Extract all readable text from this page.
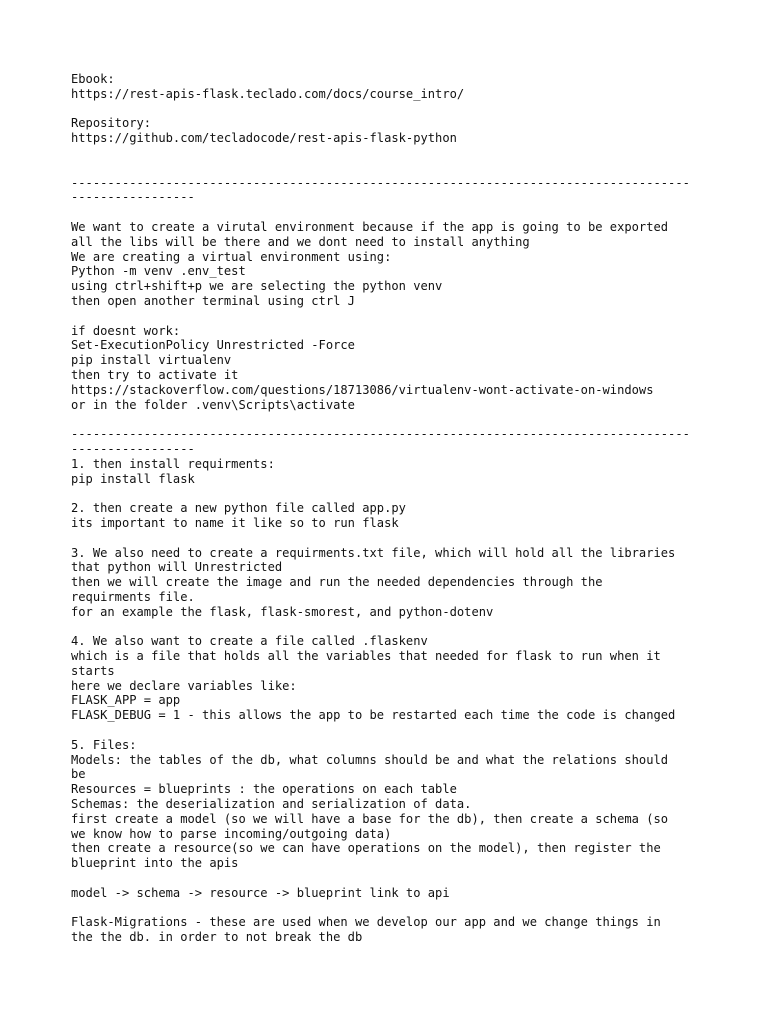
Ebook:
https://rest-apis-flask.teclado.com/docs/course_intro/
Repository:
https://github.com/tecladocode/rest-apis-flask-python
-------------------------------------------------------------------------------------
-----------------
We want to create a virutal environment because if the app is going to be exported
all the libs will be there and we dont need to install anything
We are creating a virtual environment using:
Python -m venv .env_test
using ctrl+shift+p we are selecting the python venv
then open another terminal using ctrl J
if doesnt work:
Set-ExecutionPolicy Unrestricted -Force
pip install virtualenv
then try to activate it
https://stackoverflow.com/questions/18713086/virtualenv-wont-activate-on-windows
or in the folder .venv\Scripts\activate
-------------------------------------------------------------------------------------
-----------------
1. then install requirments:
pip install flask
2. then create a new python file called app.py
its important to name it like so to run flask
3. We also need to create a requirments.txt file, which will hold all the libraries
that python will Unrestricted
then we will create the image and run the needed dependencies through the
requirments file.
for an example the flask, flask-smorest, and python-dotenv
4. We also want to create a file called .flaskenv
which is a file that holds all the variables that needed for flask to run when it
starts
here we declare variables like:
FLASK_APP = app
FLASK_DEBUG = 1 - this allows the app to be restarted each time the code is changed
5. Files:
Models: the tables of the db, what columns should be and what the relations should
be
Resources = blueprints : the operations on each table
Schemas: the deserialization and serialization of data.
first create a model (so we will have a base for the db), then create a schema (so
we know how to parse incoming/outgoing data)
then create a resource(so we can have operations on the model), then register the
blueprint into the apis
model -> schema -> resource -> blueprint link to api
Flask-Migrations - these are used when we develop our app and we change things in
the the db. in order to not break the db
